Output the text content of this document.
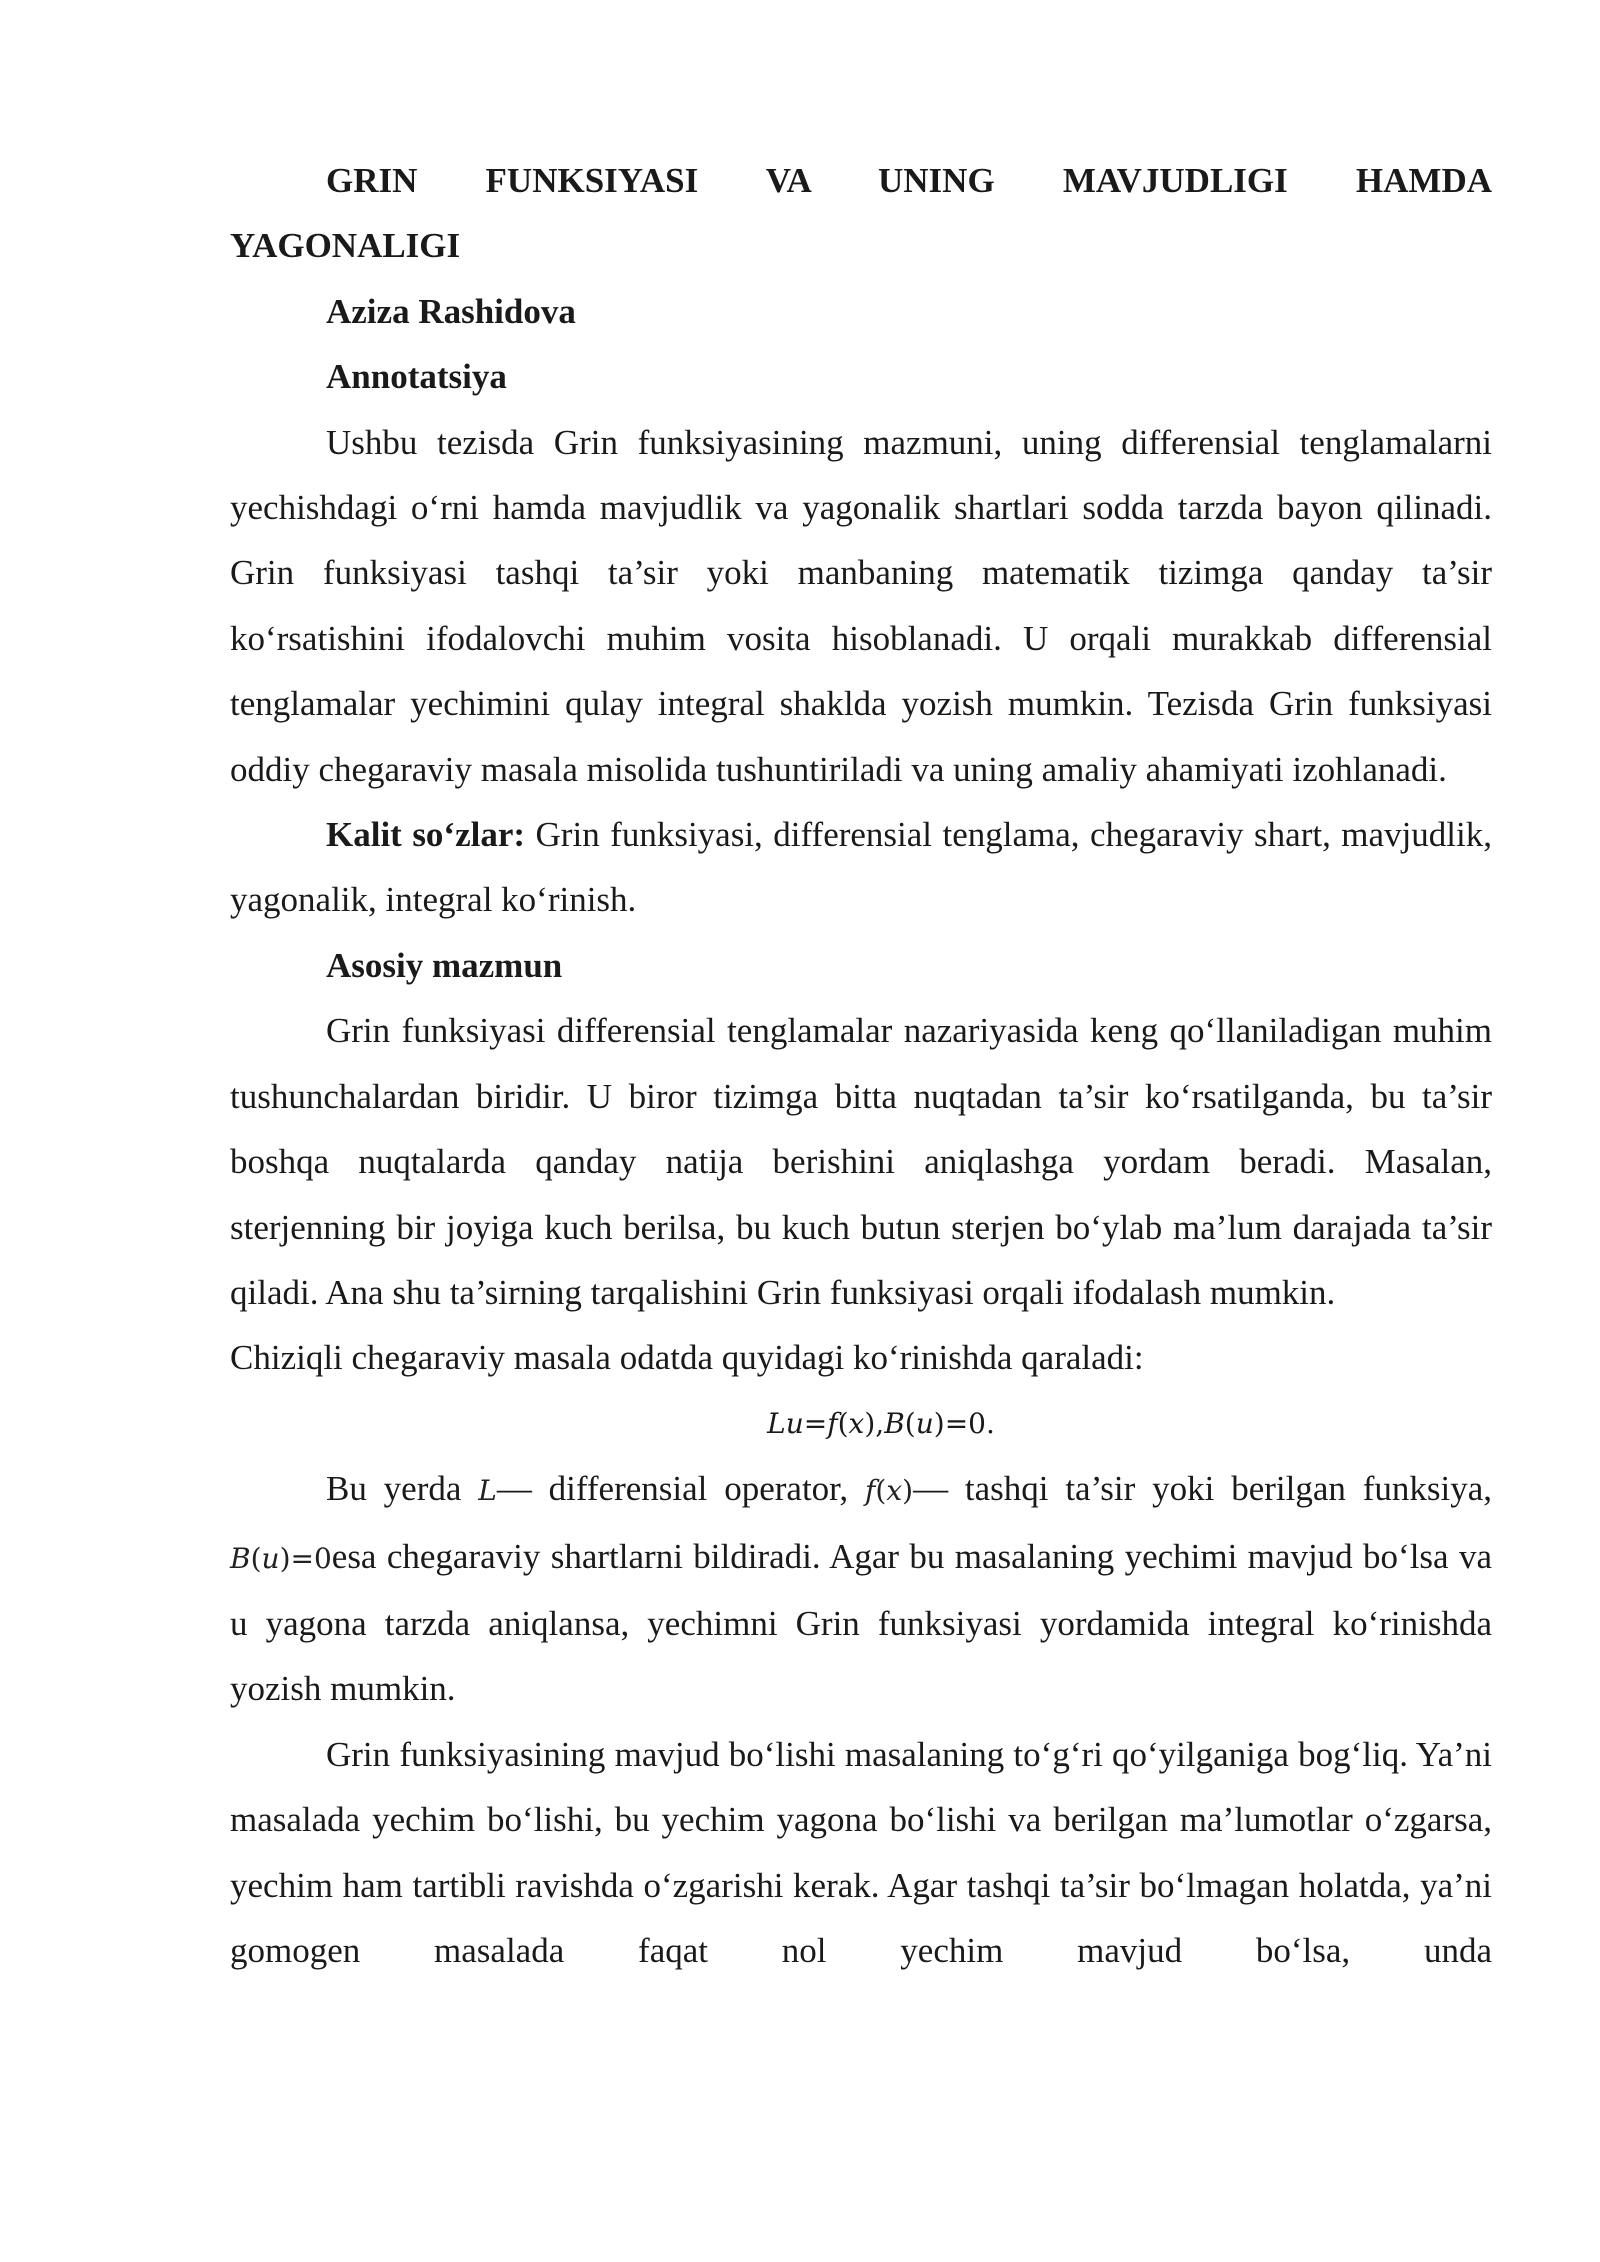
GRIN FUNKSIYASI VA UNING MAVJUDLIGI HAMDA
YAGONALIGI
Aziza Rashidova
Annotatsiya

Ushbu tezisda Grin funksiyasining mazmuni, uning differensial tenglamalarni yechishdagi o‘rni hamda mavjudlik va yagonalik shartlari sodda tarzda bayon qilinadi. Grin funksiyasi tashqi ta’sir yoki manbaning matematik tizimga qanday ta’sir ko‘rsatishini ifodalovchi muhim vosita hisoblanadi. U orqali murakkab differensial tenglamalar yechimini qulay integral shaklda yozish mumkin. Tezisda Grin funksiyasi oddiy chegaraviy masala misolida tushuntiriladi va uning amaliy ahamiyati izohlanadi.

Kalit so‘zlar: Grin funksiyasi, differensial tenglama, chegaraviy shart, mavjudlik, yagonalik, integral ko‘rinish.

Asosiy mazmun

Grin funksiyasi differensial tenglamalar nazariyasida keng qo‘llaniladigan muhim tushunchalardan biridir. U biror tizimga bitta nuqtadan ta’sir ko‘rsatilganda, bu ta’sir boshqa nuqtalarda qanday natija berishini aniqlashga yordam beradi. Masalan, sterjenning bir joyiga kuch berilsa, bu kuch butun sterjen bo‘ylab ma’lum darajada ta’sir qiladi. Ana shu ta’sirning tarqalishini Grin funksiyasi orqali ifodalash mumkin.

Chiziqli chegaraviy masala odatda quyidagi ko‘rinishda qaraladi:

Lu=f(x),B(u)=0.

Bu yerda L— differensial operator, f(x)— tashqi ta’sir yoki berilgan funksiya, B(u)=0esa chegaraviy shartlarni bildiradi. Agar bu masalaning yechimi mavjud bo‘lsa va u yagona tarzda aniqlansa, yechimni Grin funksiyasi yordamida integral ko‘rinishda yozish mumkin.

Grin funksiyasining mavjud bo‘lishi masalaning to‘g‘ri qo‘yilganiga bog‘liq. Ya’ni masalada yechim bo‘lishi, bu yechim yagona bo‘lishi va berilgan ma’lumotlar o‘zgarsa, yechim ham tartibli ravishda o‘zgarishi kerak. Agar tashqi ta’sir bo‘lmagan holatda, ya’ni gomogen masalada faqat nol yechim mavjud bo‘lsa, unda
